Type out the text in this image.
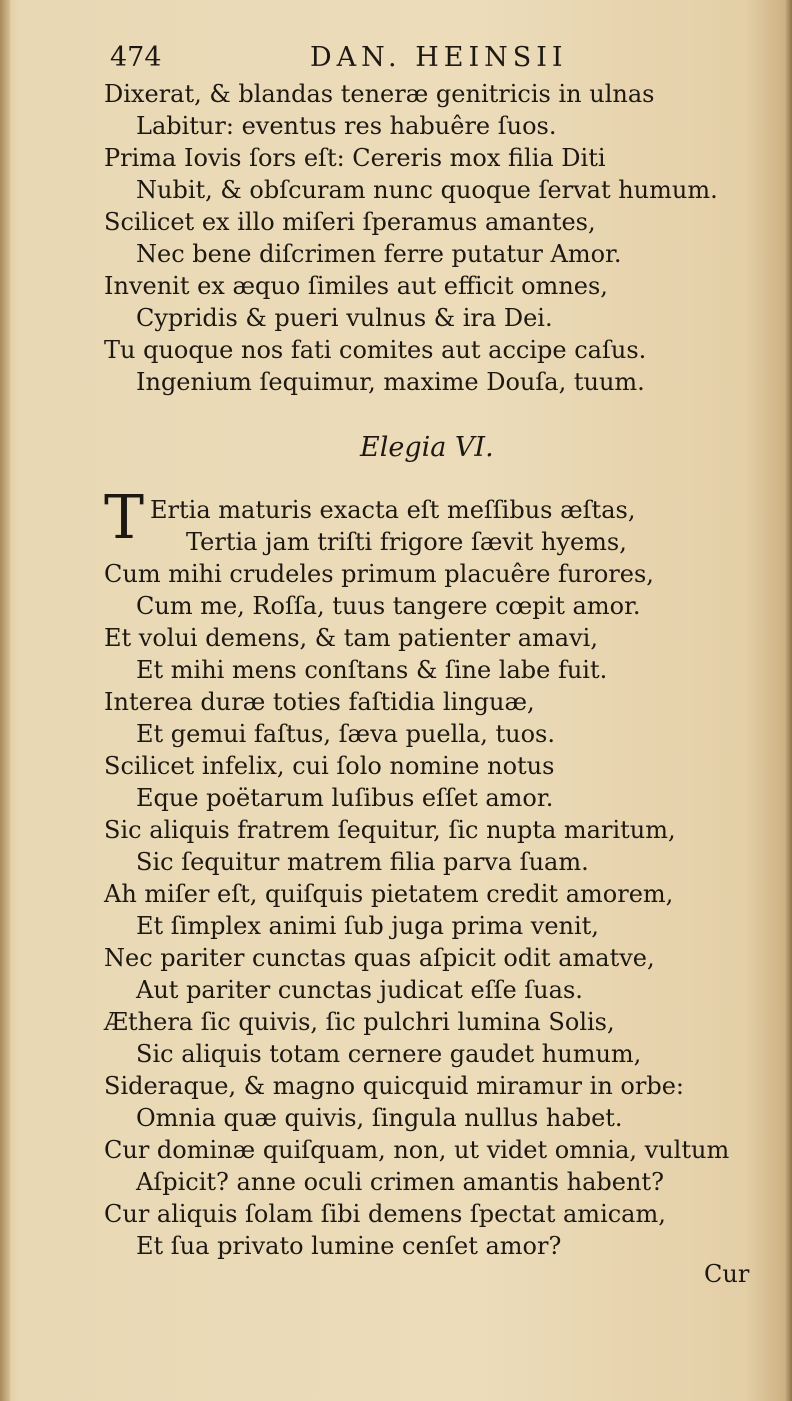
474	DAN. HEINSII
Dixerat, & blandas teneræ genitricis in ulnas
Labitur: eventus res habuêre ſuos.
Prima Iovis ſors eſt: Cereris mox filia Diti
Nubit, & obſcuram nunc quoque ſervat humum.
Scilicet ex illo miſeri ſperamus amantes,
Nec bene diſcrimen ferre putatur Amor.
Invenit ex æquo ſimiles aut efficit omnes,
Cypridis & pueri vulnus & ira Dei.
Tu quoque nos fati comites aut accipe caſus.
Ingenium ſequimur, maxime Douſa, tuum.
Elegia VI.
T Ertia maturis exacta eſt meſſibus æſtas,
Tertia jam triſti frigore ſævit hyems,
Cum mihi crudeles primum placuêre furores,
Cum me, Roſſa, tuus tangere cœpit amor.
Et volui demens, & tam patienter amavi,
Et mihi mens conſtans & ſine labe fuit.
Interea duræ toties faſtidia linguæ,
Et gemui faſtus, ſæva puella, tuos.
Scilicet infelix, cui ſolo nomine notus
Eque poëtarum luſibus eſſet amor.
Sic aliquis fratrem ſequitur, ſic nupta maritum,
Sic ſequitur matrem filia parva ſuam.
Ah miſer eſt, quiſquis pietatem credit amorem,
Et ſimplex animi ſub juga prima venit,
Nec pariter cunctas quas aſpicit odit amatve,
Aut pariter cunctas judicat eſſe ſuas.
Æthera ſic quivis, ſic pulchri lumina Solis,
Sic aliquis totam cernere gaudet humum,
Sideraque, & magno quicquid miramur in orbe:
Omnia quæ quivis, ſingula nullus habet.
Cur dominæ quiſquam, non, ut videt omnia, vultum
Aſpicit? anne oculi crimen amantis habent?
Cur aliquis ſolam ſibi demens ſpectat amicam,
Et ſua privato lumine cenſet amor?
Cur
